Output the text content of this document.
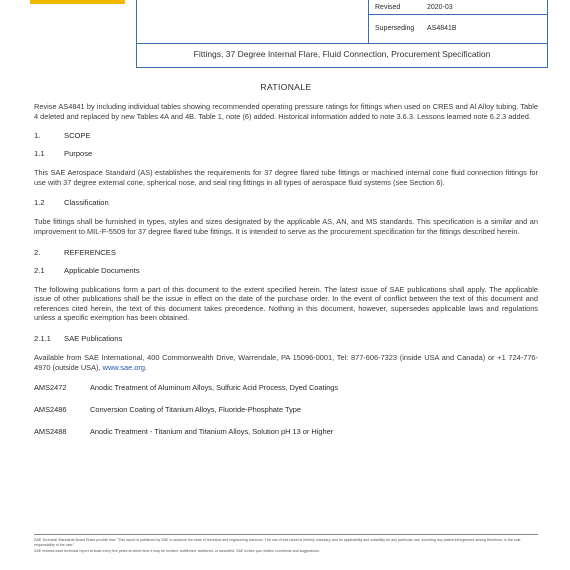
Revised	2020-03
Superseding AS4841B
Fittings, 37 Degree Internal Flare, Fluid Connection, Procurement Specification
RATIONALE

Revise AS4841 by including individual tables showing recommended operating pressure ratings for fittings when used on CRES and Al Alloy tubing. Table 4 deleted and replaced by new Tables 4A and 4B. Table 1, note (6) added. Historical information added to note 3.6.3. Lessons learned note 6.2.3 added.

1.	SCOPE
1.1	Purpose

This SAE Aerospace Standard (AS) establishes the requirements for 37 degree flared tube fittings or machined internal cone fluid connection fittings for use with 37 degree external cone, spherical nose, and seal ring fittings in all types of aerospace fluid systems (see Section 6).

1.2	Classification

Tube fittings shall be furnished in types, styles and sizes designated by the applicable AS, AN, and MS standards. This specification is a similar and an improvement to MIL-F-5509 for 37 degree flared tube fittings. It is intended to serve as the procurement specification for the fittings described herein.

2.	REFERENCES
2.1	Applicable Documents

The following publications form a part of this document to the extent specified herein. The latest issue of SAE publications shall apply. The applicable issue of other publications shall be the issue in effect on the date of the purchase order. In the event of conflict between the text of this document and references cited herein, the text of this document takes precedence. Nothing in this document, however, supersedes applicable laws and regulations unless a specific exemption has been obtained.

2.1.1	SAE Publications

Available from SAE International, 400 Commonwealth Drive, Warrendale, PA 15096-0001, Tel: 877-606-7323 (inside USA and Canada) or +1 724-776-4970 (outside USA), www.sae.org.

AMS2472	Anodic Treatment of Aluminum Alloys, Sulfuric Acid Process, Dyed Coatings
AMS2486	Conversion Coating of Titanium Alloys, Fluoride-Phosphate Type
AMS2488	Anodic Treatment - Titanium and Titanium Alloys, Solution pH 13 or Higher
SAE Technical Standards Board Rules provide that: "This report is published by SAE to advance the state of technical and engineering sciences. The use of this report is entirely voluntary, and its applicability and suitability for any particular use, including any patent infringement arising therefrom, is the sole responsibility of the user."
SAE reviews each technical report at least every five years at which time it may be revised, reaffirmed, stabilized, or cancelled. SAE invites your written comments and suggestions.
